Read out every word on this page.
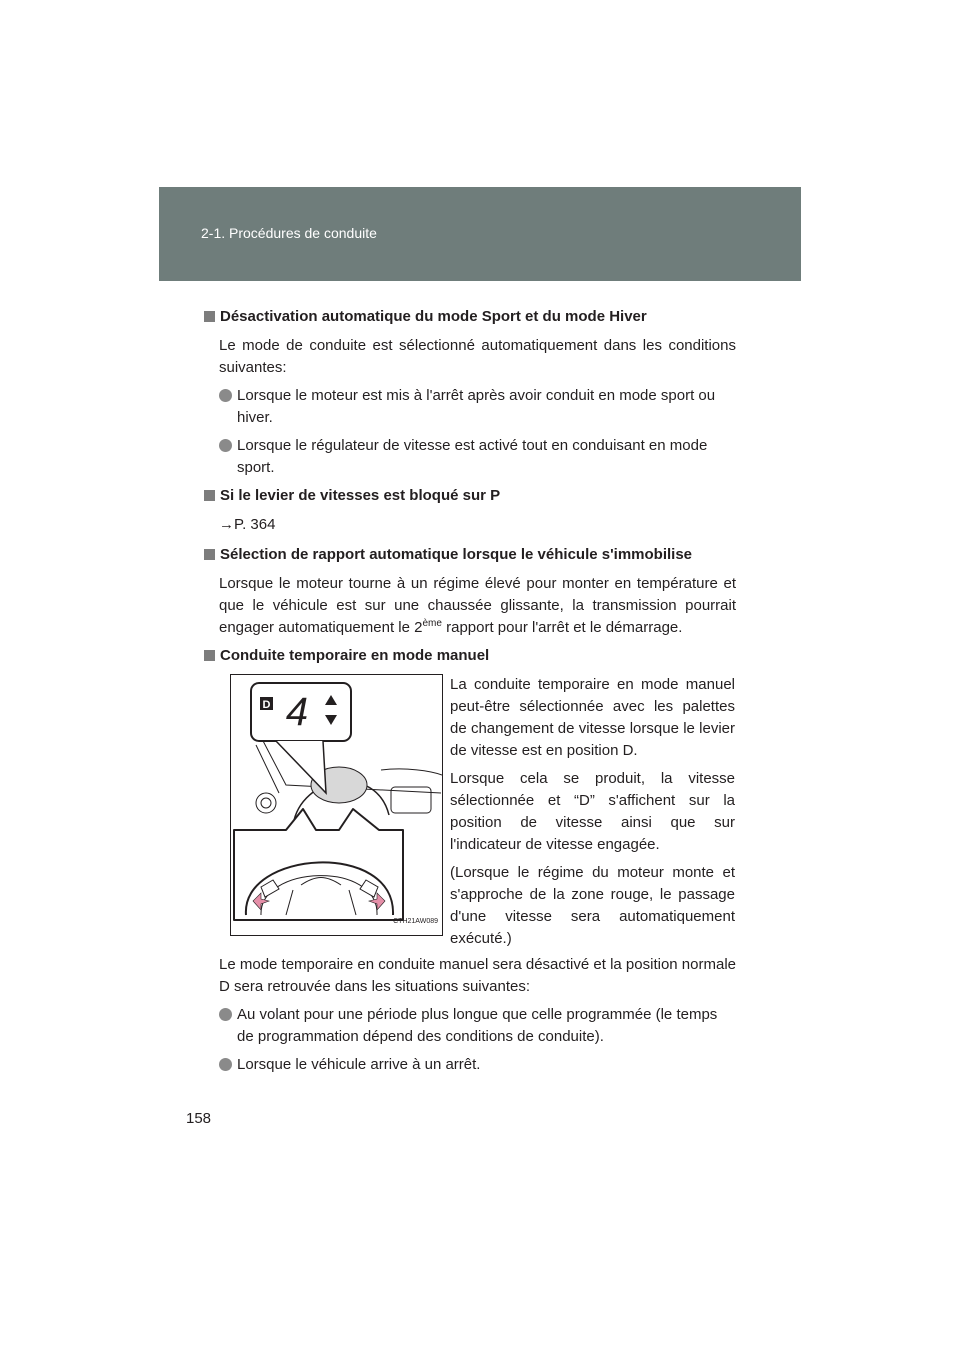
2-1. Procédures de conduite

Désactivation automatique du mode Sport et du mode Hiver

Le mode de conduite est sélectionné automatiquement dans les conditions suivantes:

Lorsque le moteur est mis à l'arrêt après avoir conduit en mode sport ou hiver.
Lorsque le régulateur de vitesse est activé tout en conduisant en mode sport.

Si le levier de vitesses est bloqué sur P

→P. 364

Sélection de rapport automatique lorsque le véhicule s'immobilise

Lorsque le moteur tourne à un régime élevé pour monter en température et que le véhicule est sur une chaussée glissante, la transmission pourrait engager automatiquement le 2ème rapport pour l'arrêt et le démarrage.

Conduite temporaire en mode manuel

D 4
CTH21AW089

La conduite temporaire en mode manuel peut-être sélectionnée avec les palettes de changement de vitesse lorsque le levier de vitesse est en position D.

Lorsque cela se produit, la vitesse sélectionnée et “D” s'affichent sur la position de vitesse ainsi que sur l'indicateur de vitesse engagée.

(Lorsque le régime du moteur monte et s'approche de la zone rouge, le passage d'une vitesse sera automatiquement exécuté.)

Le mode temporaire en conduite manuel sera désactivé et la position normale D sera retrouvée dans les situations suivantes:

Au volant pour une période plus longue que celle programmée (le temps de programmation dépend des conditions de conduite).
Lorsque le véhicule arrive à un arrêt.
158
